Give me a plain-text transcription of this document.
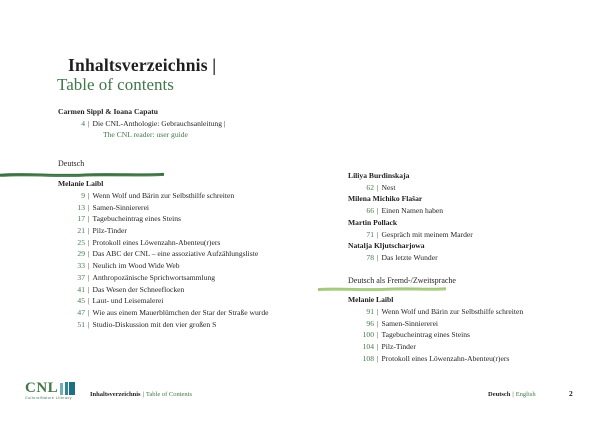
Inhaltsverzeichnis |
Table of contents
Carmen Sippl & Ioana Capatu
4 | Die CNL-Anthologie: Gebrauchsanleitung |
The CNL reader: user guide
Deutsch
Melanie Laibl
9 | Wenn Wolf und Bärin zur Selbsthilfe schreiten
13 | Samen-Sinniererei
17 | Tagebucheintrag eines Steins
21 | Pilz-Tinder
25 | Protokoll eines Löwenzahn-Abenteu(r)ers
29 | Das ABC der CNL – eine assoziative Aufzählungsliste
33 | Neulich im Wood Wide Web
37 | Anthropozänische Sprichwortsammlung
41 | Das Wesen der Schneeflocken
45 | Laut- und Leisemalerei
47 | Wie aus einem Mauerblümchen der Star der Straße wurde
51 | Studio-Diskussion mit den vier großen S
Liliya Burdinskaja
62 | Nest
Milena Michiko Flašar
66 | Einen Namen haben
Martin Pollack
71 | Gespräch mit meinem Marder
Natalja Kljutscharjowa
78 | Das letzte Wunder
Deutsch als Fremd-/Zweitsprache
Melanie Laibl
91 | Wenn Wolf und Bärin zur Selbsthilfe schreiten
96 | Samen-Sinniererei
100 | Tagebucheintrag eines Steins
104 | Pilz-Tinder
108 | Protokoll eines Löwenzahn-Abenteu(r)ers
CNL
CulturalNature Literacy	Inhaltsverzeichnis | Table of Contents	Deutsch | English	2
